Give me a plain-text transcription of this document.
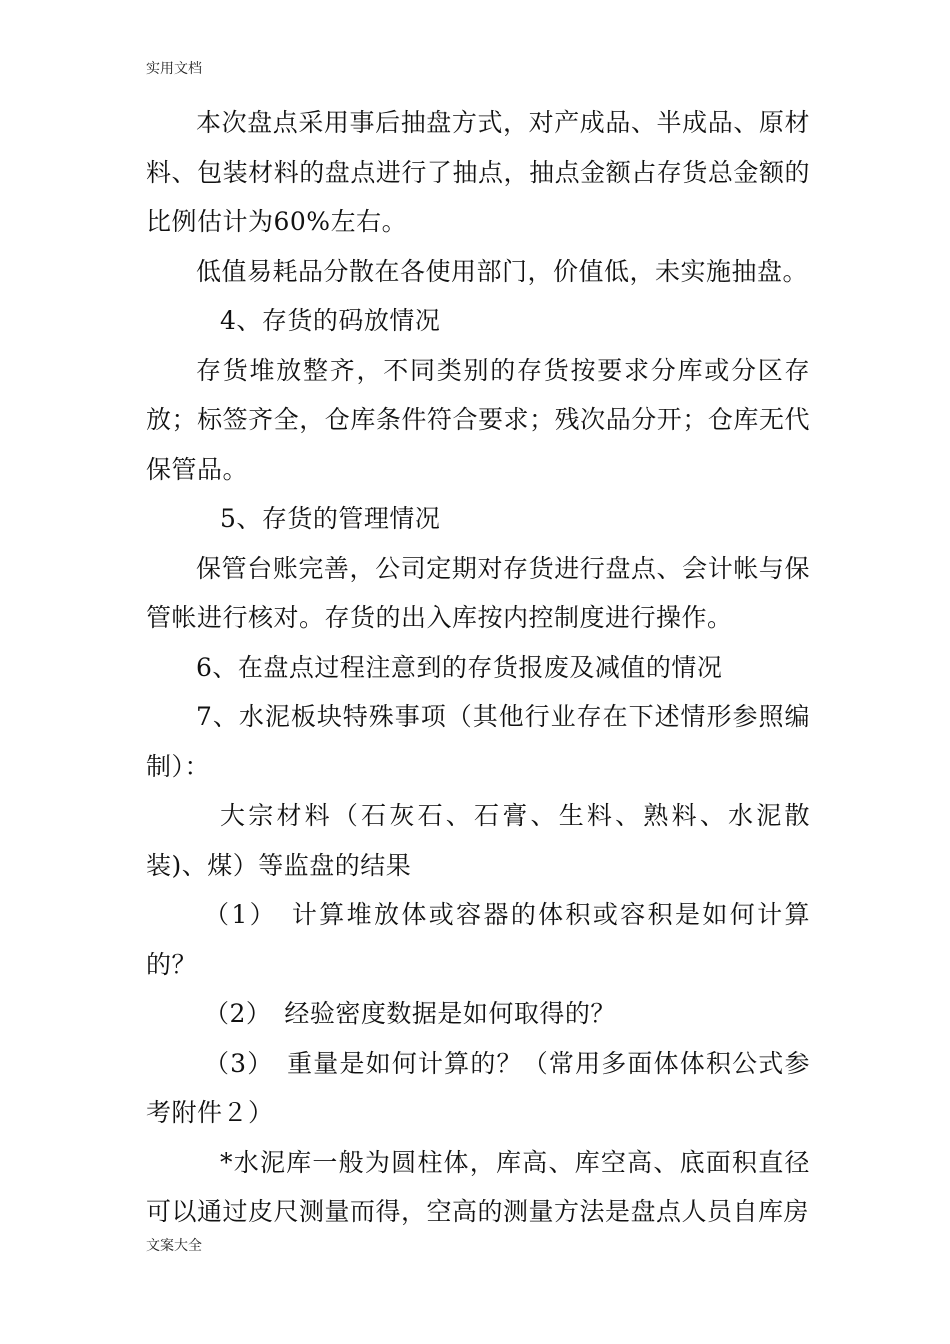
实用文档

本次盘点采用事后抽盘方式，对产成品、半成品、原材料、包装材料的盘点进行了抽点，抽点金额占存货总金额的比例估计为60%左右。

低值易耗品分散在各使用部门，价值低，未实施抽盘。

4、存货的码放情况

存货堆放整齐，不同类别的存货按要求分库或分区存放；标签齐全，仓库条件符合要求；残次品分开；仓库无代保管品。

5、存货的管理情况

保管台账完善，公司定期对存货进行盘点、会计帐与保管帐进行核对。存货的出入库按内控制度进行操作。

6、在盘点过程注意到的存货报废及减值的情况

7、水泥板块特殊事项（其他行业存在下述情形参照编制）：

大宗材料（石灰石、石膏、生料、熟料、水泥散装)、煤）等监盘的结果

（1）　计算堆放体或容器的体积或容积是如何计算的？

（2）　经验密度数据是如何取得的？

（3）　重量是如何计算的？（常用多面体体积公式参考附件２）

*水泥库一般为圆柱体，库高、库空高、底面积直径可以通过皮尺测量而得，空高的测量方法是盘点人员自库房

文案大全
